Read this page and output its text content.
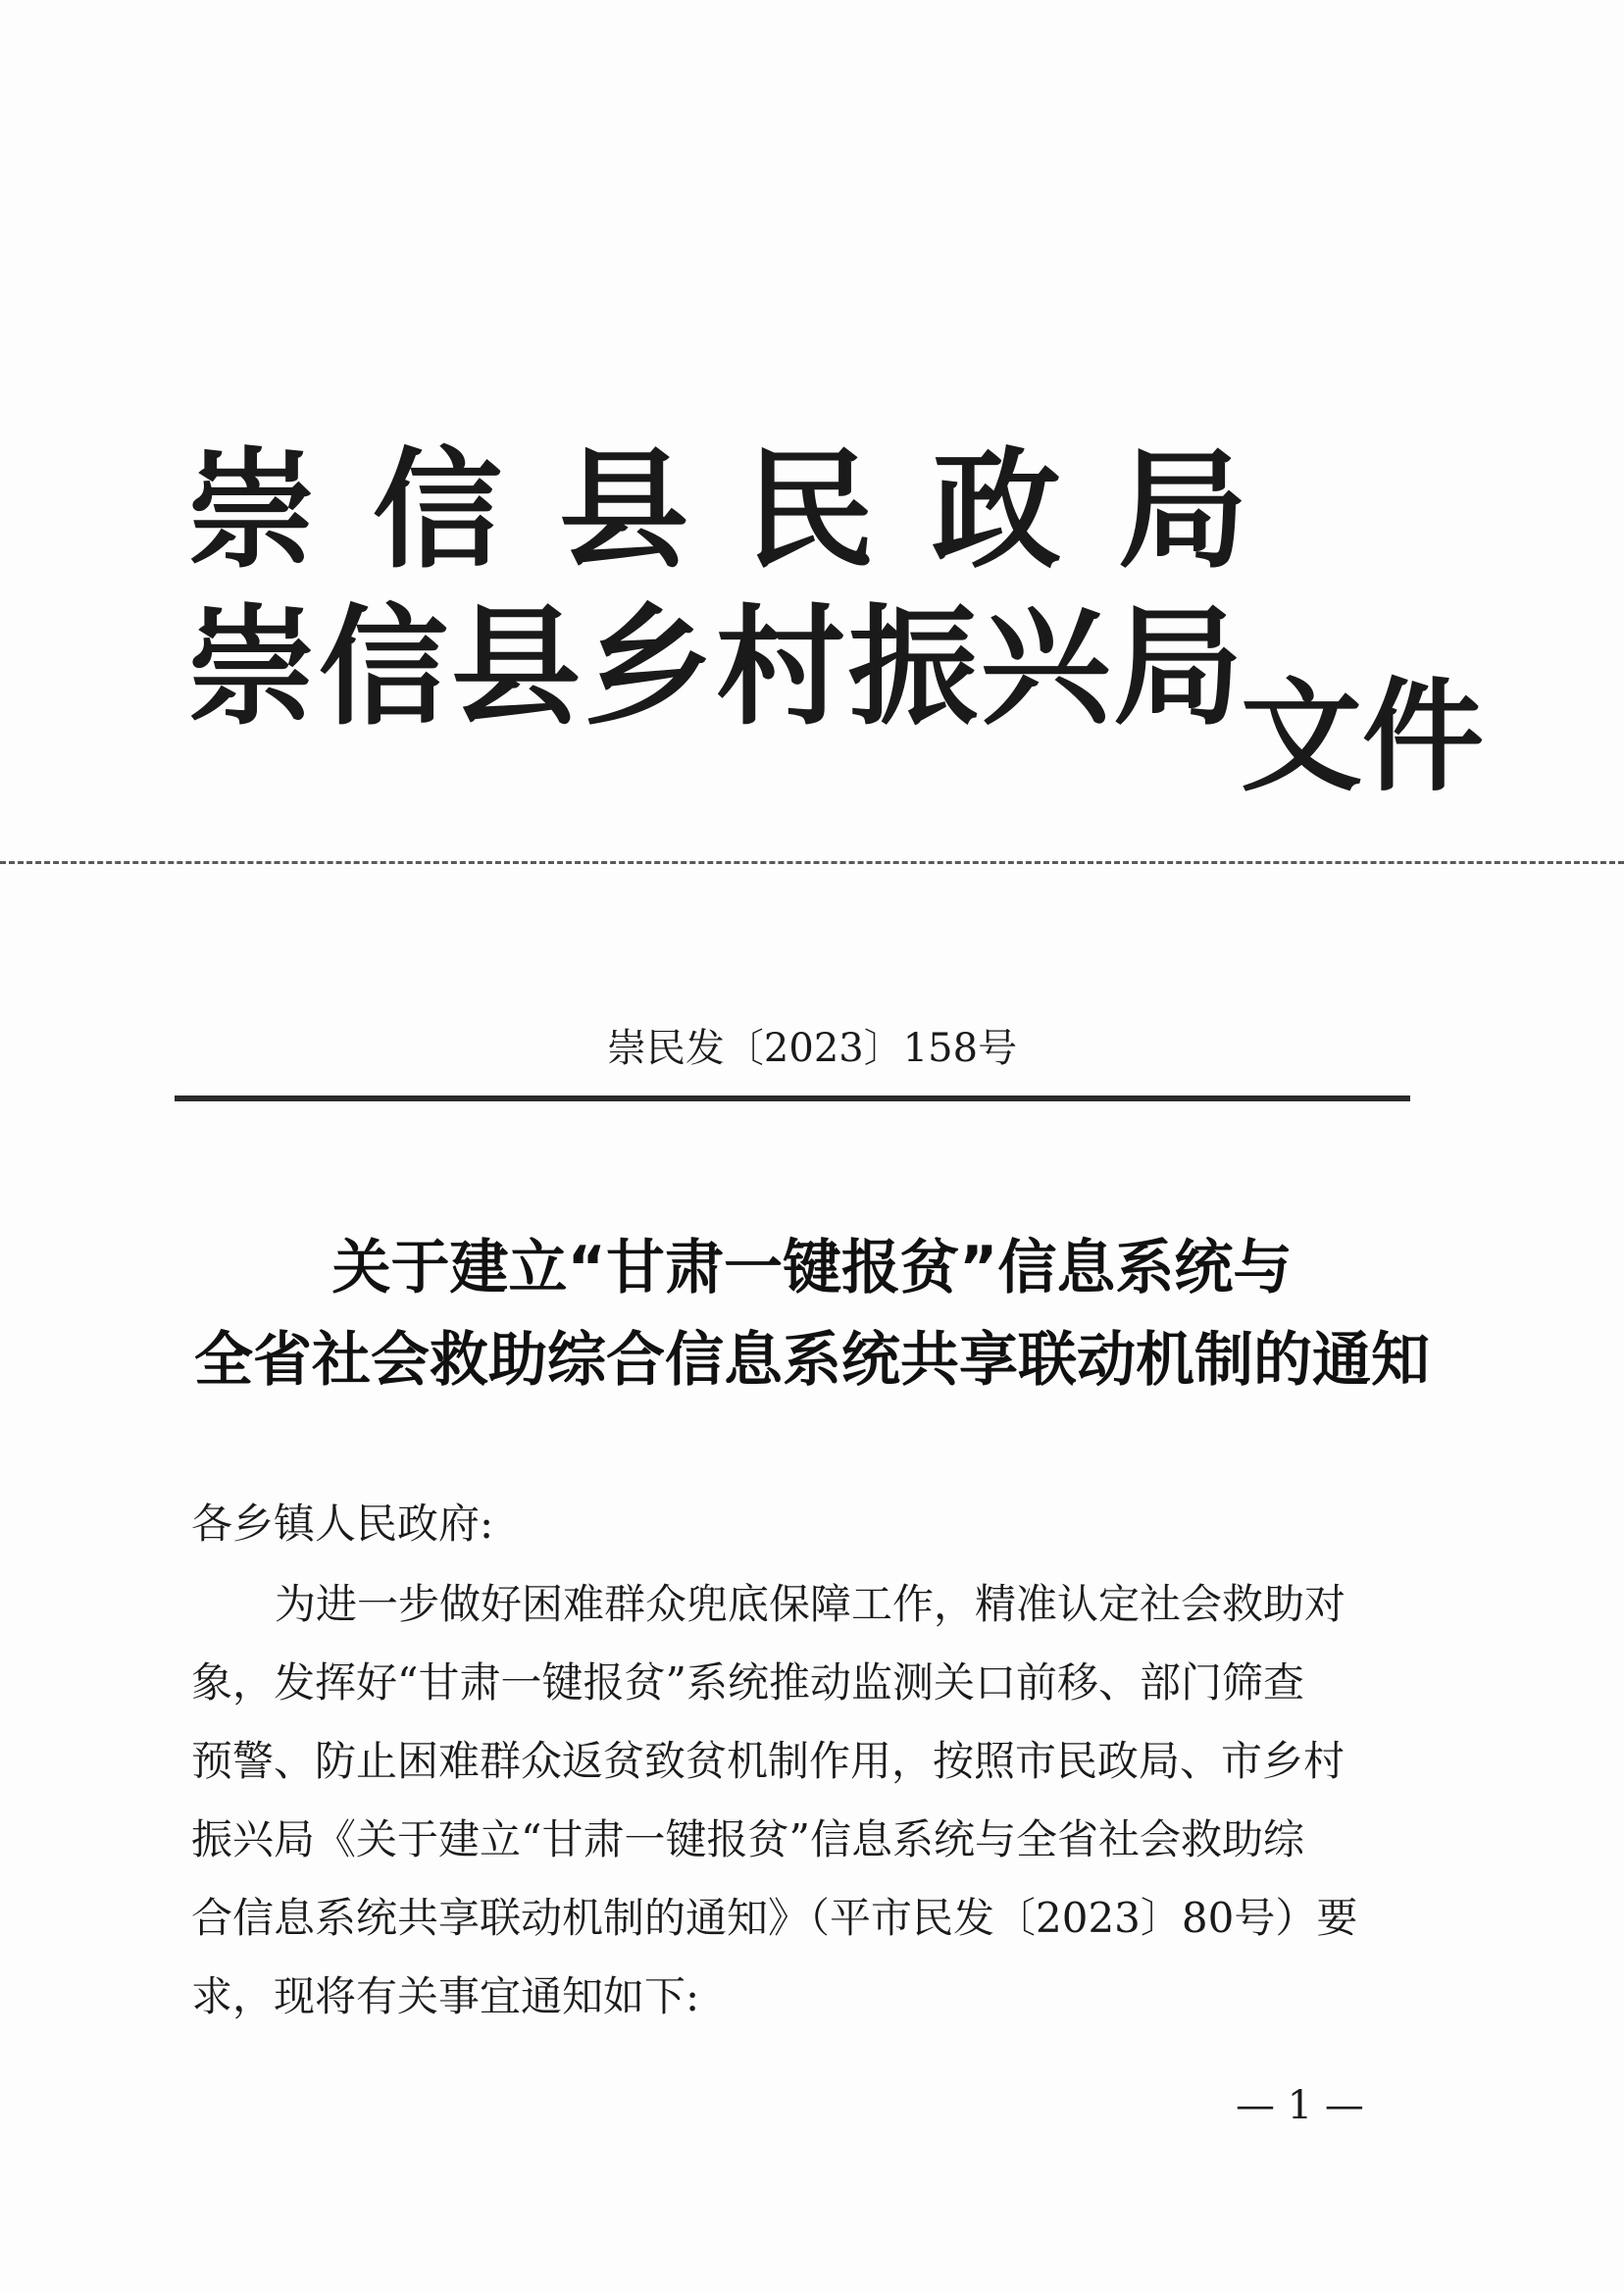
崇信县民政局
崇信县乡村振兴局
文件
崇民发〔2023〕158号
关于建立“甘肃一键报贫”信息系统与
全省社会救助综合信息系统共享联动机制的通知
各乡镇人民政府:
为进一步做好困难群众兜底保障工作，精准认定社会救助对
象，发挥好“甘肃一键报贫”系统推动监测关口前移、部门筛查
预警、防止困难群众返贫致贫机制作用，按照市民政局、市乡村
振兴局《关于建立“甘肃一键报贫”信息系统与全省社会救助综
合信息系统共享联动机制的通知》（平市民发〔2023〕80号）要
求，现将有关事宜通知如下:
— 1 —
